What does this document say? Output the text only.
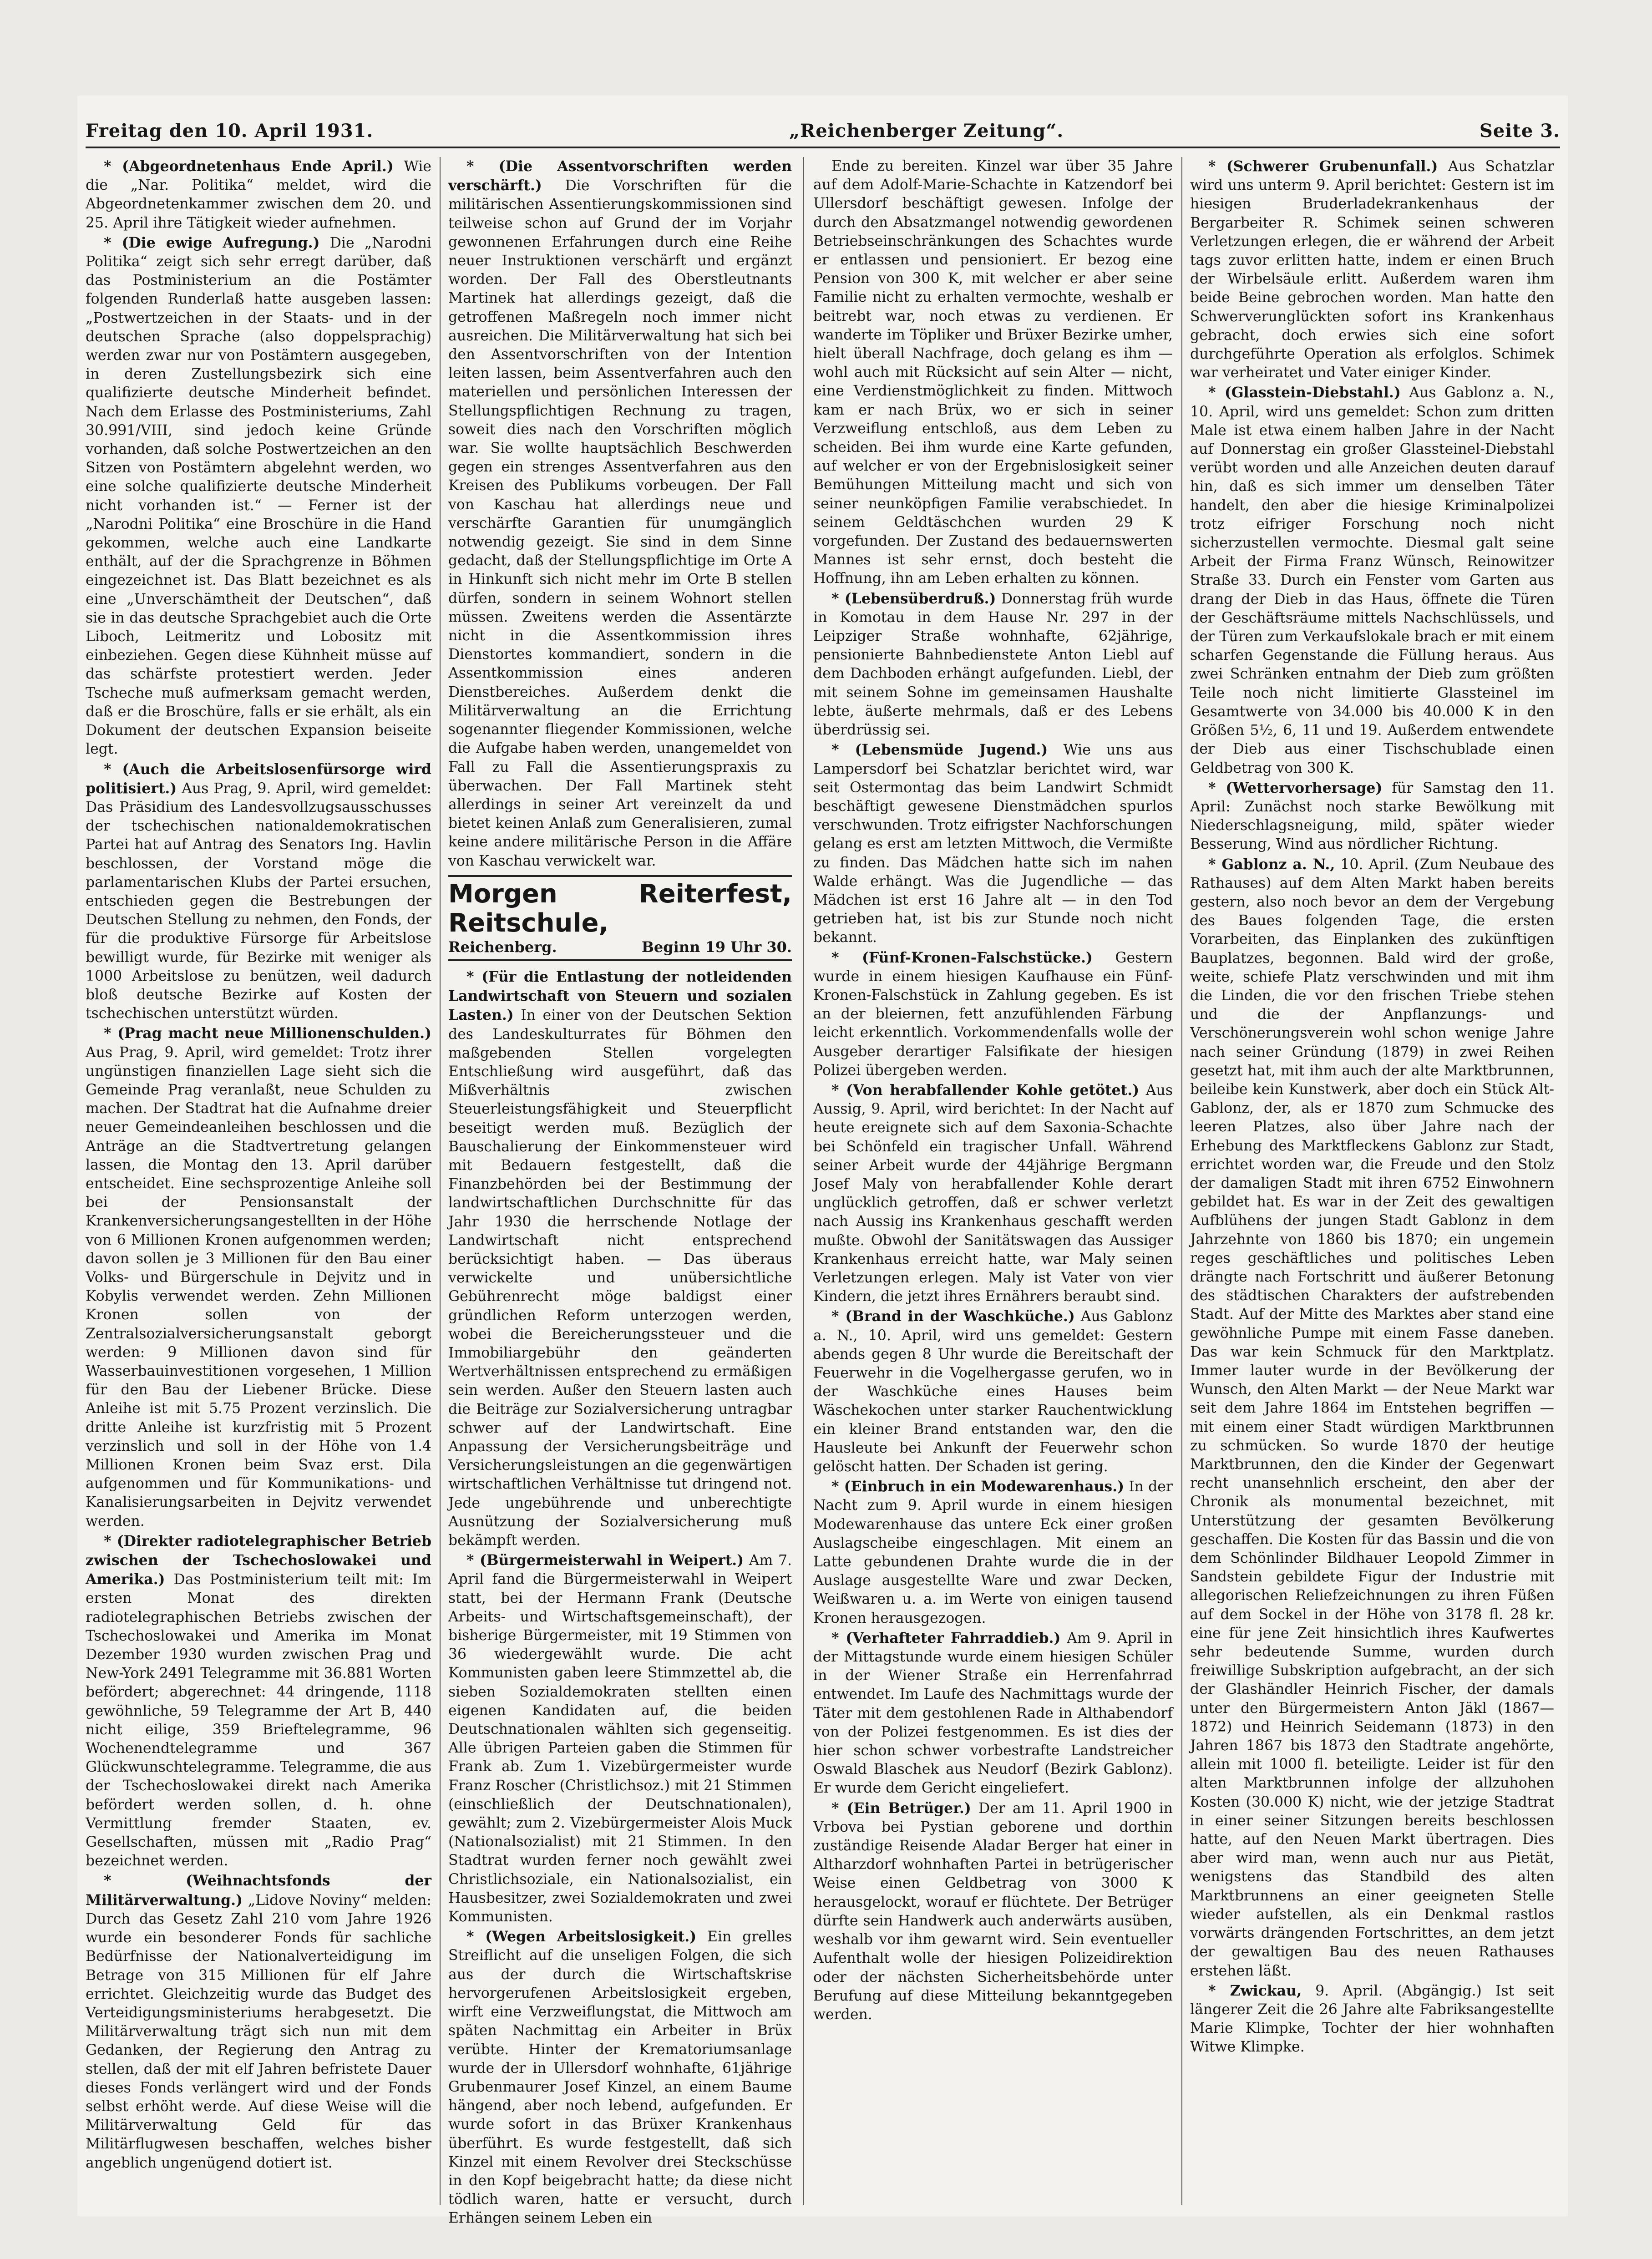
Freitag den 10. April 1931.	„Reichenberger Zeitung“.	Seite 3.

* (Abgeordnetenhaus Ende April.) Wie die „Nar. Politika“ meldet, wird die Abgeordnetenkammer zwischen dem 20. und 25. April ihre Tätigkeit wieder aufnehmen.

* (Die ewige Aufregung.) Die „Narodni Politika“ zeigt sich sehr erregt darüber, daß das Postministerium an die Postämter folgenden Runderlaß hatte ausgeben lassen: „Postwertzeichen in der Staats- und in der deutschen Sprache (also doppelsprachig) werden zwar nur von Postämtern ausgegeben, in deren Zustellungsbezirk sich eine qualifizierte deutsche Minderheit befindet. Nach dem Erlasse des Postministeriums, Zahl 30.991/VIII, sind jedoch keine Gründe vorhanden, daß solche Postwertzeichen an den Sitzen von Postämtern abgelehnt werden, wo eine solche qualifizierte deutsche Minderheit nicht vorhanden ist.“ — Ferner ist der „Narodni Politika“ eine Broschüre in die Hand gekommen, welche auch eine Landkarte enthält, auf der die Sprachgrenze in Böhmen eingezeichnet ist. Das Blatt bezeichnet es als eine „Unverschämtheit der Deutschen“, daß sie in das deutsche Sprachgebiet auch die Orte Liboch, Leitmeritz und Lobositz mit einbeziehen. Gegen diese Kühnheit müsse auf das schärfste protestiert werden. Jeder Tscheche muß aufmerksam gemacht werden, daß er die Broschüre, falls er sie erhält, als ein Dokument der deutschen Expansion beiseite legt.

* (Auch die Arbeitslosenfürsorge wird politisiert.) Aus Prag, 9. April, wird gemeldet: Das Präsidium des Landesvollzugsausschusses der tschechischen nationaldemokratischen Partei hat auf Antrag des Senators Ing. Havlin beschlossen, der Vorstand möge die parlamentarischen Klubs der Partei ersuchen, entschieden gegen die Bestrebungen der Deutschen Stellung zu nehmen, den Fonds, der für die produktive Fürsorge für Arbeitslose bewilligt wurde, für Bezirke mit weniger als 1000 Arbeitslose zu benützen, weil dadurch bloß deutsche Bezirke auf Kosten der tschechischen unterstützt würden.

* (Prag macht neue Millionenschulden.) Aus Prag, 9. April, wird gemeldet: Trotz ihrer ungünstigen finanziellen Lage sieht sich die Gemeinde Prag veranlaßt, neue Schulden zu machen. Der Stadtrat hat die Aufnahme dreier neuer Gemeindeanleihen beschlossen und die Anträge an die Stadtvertretung gelangen lassen, die Montag den 13. April darüber entscheidet. Eine sechsprozentige Anleihe soll bei der Pensionsanstalt der Krankenversicherungsangestellten in der Höhe von 6 Millionen Kronen aufgenommen werden; davon sollen je 3 Millionen für den Bau einer Volks- und Bürgerschule in Dejvitz und in Kobylis verwendet werden. Zehn Millionen Kronen sollen von der Zentralsozialversicherungsanstalt geborgt werden: 9 Millionen davon sind für Wasserbauinvestitionen vorgesehen, 1 Million für den Bau der Liebener Brücke. Diese Anleihe ist mit 5.75 Prozent verzinslich. Die dritte Anleihe ist kurzfristig mit 5 Prozent verzinslich und soll in der Höhe von 1.4 Millionen Kronen beim Svaz erst. Dila aufgenommen und für Kommunikations- und Kanalisierungsarbeiten in Dejvitz verwendet werden.

* (Direkter radiotelegraphischer Betrieb zwischen der Tschechoslowakei und Amerika.) Das Postministerium teilt mit: Im ersten Monat des direkten radiotelegraphischen Betriebs zwischen der Tschechoslowakei und Amerika im Monat Dezember 1930 wurden zwischen Prag und New-York 2491 Telegramme mit 36.881 Worten befördert; abgerechnet: 44 dringende, 1118 gewöhnliche, 59 Telegramme der Art B, 440 nicht eilige, 359 Brieftelegramme, 96 Wochenendtelegramme und 367 Glückwunschtelegramme. Telegramme, die aus der Tschechoslowakei direkt nach Amerika befördert werden sollen, d. h. ohne Vermittlung fremder Staaten, ev. Gesellschaften, müssen mit „Radio Prag“ bezeichnet werden.

* (Weihnachtsfonds der Militärverwaltung.) „Lidove Noviny“ melden: Durch das Gesetz Zahl 210 vom Jahre 1926 wurde ein besonderer Fonds für sachliche Bedürfnisse der Nationalverteidigung im Betrage von 315 Millionen für elf Jahre errichtet. Gleichzeitig wurde das Budget des Verteidigungsministeriums herabgesetzt. Die Militärverwaltung trägt sich nun mit dem Gedanken, der Regierung den Antrag zu stellen, daß der mit elf Jahren befristete Dauer dieses Fonds verlängert wird und der Fonds selbst erhöht werde. Auf diese Weise will die Militärverwaltung Geld für das Militärflugwesen beschaffen, welches bisher angeblich ungenügend dotiert ist.

* (Die Assentvorschriften werden verschärft.) Die Vorschriften für die militärischen Assentierungskommissionen sind teilweise schon auf Grund der im Vorjahr gewonnenen Erfahrungen durch eine Reihe neuer Instruktionen verschärft und ergänzt worden. Der Fall des Oberstleutnants Martinek hat allerdings gezeigt, daß die getroffenen Maßregeln noch immer nicht ausreichen. Die Militärverwaltung hat sich bei den Assentvorschriften von der Intention leiten lassen, beim Assentverfahren auch den materiellen und persönlichen Interessen der Stellungspflichtigen Rechnung zu tragen, soweit dies nach den Vorschriften möglich war. Sie wollte hauptsächlich Beschwerden gegen ein strenges Assentverfahren aus den Kreisen des Publikums vorbeugen. Der Fall von Kaschau hat allerdings neue und verschärfte Garantien für unumgänglich notwendig gezeigt. Sie sind in dem Sinne gedacht, daß der Stellungspflichtige im Orte A in Hinkunft sich nicht mehr im Orte B stellen dürfen, sondern in seinem Wohnort stellen müssen. Zweitens werden die Assentärzte nicht in die Assentkommission ihres Dienstortes kommandiert, sondern in die Assentkommission eines anderen Dienstbereiches. Außerdem denkt die Militärverwaltung an die Errichtung sogenannter fliegender Kommissionen, welche die Aufgabe haben werden, unangemeldet von Fall zu Fall die Assentierungspraxis zu überwachen. Der Fall Martinek steht allerdings in seiner Art vereinzelt da und bietet keinen Anlaß zum Generalisieren, zumal keine andere militärische Person in die Affäre von Kaschau verwickelt war.

Morgen Reiterfest, Reitschule,
Reichenberg.	Beginn 19 Uhr 30.

* (Für die Entlastung der notleidenden Landwirtschaft von Steuern und sozialen Lasten.) In einer von der Deutschen Sektion des Landeskulturrates für Böhmen den maßgebenden Stellen vorgelegten Entschließung wird ausgeführt, daß das Mißverhältnis zwischen Steuerleistungsfähigkeit und Steuerpflicht beseitigt werden muß. Bezüglich der Bauschalierung der Einkommensteuer wird mit Bedauern festgestellt, daß die Finanzbehörden bei der Bestimmung der landwirtschaftlichen Durchschnitte für das Jahr 1930 die herrschende Notlage der Landwirtschaft nicht entsprechend berücksichtigt haben. — Das überaus verwickelte und unübersichtliche Gebührenrecht möge baldigst einer gründlichen Reform unterzogen werden, wobei die Bereicherungssteuer und die Immobiliargebühr den geänderten Wertverhältnissen entsprechend zu ermäßigen sein werden. Außer den Steuern lasten auch die Beiträge zur Sozialversicherung untragbar schwer auf der Landwirtschaft. Eine Anpassung der Versicherungsbeiträge und Versicherungsleistungen an die gegenwärtigen wirtschaftlichen Verhältnisse tut dringend not. Jede ungebührende und unberechtigte Ausnützung der Sozialversicherung muß bekämpft werden.

* (Bürgermeisterwahl in Weipert.) Am 7. April fand die Bürgermeisterwahl in Weipert statt, bei der Hermann Frank (Deutsche Arbeits- und Wirtschaftsgemeinschaft), der bisherige Bürgermeister, mit 19 Stimmen von 36 wiedergewählt wurde. Die acht Kommunisten gaben leere Stimmzettel ab, die sieben Sozialdemokraten stellten einen eigenen Kandidaten auf, die beiden Deutschnationalen wählten sich gegenseitig. Alle übrigen Parteien gaben die Stimmen für Frank ab. Zum 1. Vizebürgermeister wurde Franz Roscher (Christlichsoz.) mit 21 Stimmen (einschließlich der Deutschnationalen), gewählt; zum 2. Vizebürgermeister Alois Muck (Nationalsozialist) mit 21 Stimmen. In den Stadtrat wurden ferner noch gewählt zwei Christlichsoziale, ein Nationalsozialist, ein Hausbesitzer, zwei Sozialdemokraten und zwei Kommunisten.

* (Wegen Arbeitslosigkeit.) Ein grelles Streiflicht auf die unseligen Folgen, die sich aus der durch die Wirtschaftskrise hervorgerufenen Arbeitslosigkeit ergeben, wirft eine Verzweiflungstat, die Mittwoch am späten Nachmittag ein Arbeiter in Brüx verübte. Hinter der Krematoriumsanlage wurde der in Ullersdorf wohnhafte, 61jährige Grubenmaurer Josef Kinzel, an einem Baume hängend, aber noch lebend, aufgefunden. Er wurde sofort in das Brüxer Krankenhaus überführt. Es wurde festgestellt, daß sich Kinzel mit einem Revolver drei Steckschüsse in den Kopf beigebracht hatte; da diese nicht tödlich waren, hatte er versucht, durch Erhängen seinem Leben ein

Ende zu bereiten. Kinzel war über 35 Jahre auf dem Adolf-Marie-Schachte in Katzendorf bei Ullersdorf beschäftigt gewesen. Infolge der durch den Absatzmangel notwendig gewordenen Betriebseinschränkungen des Schachtes wurde er entlassen und pensioniert. Er bezog eine Pension von 300 K, mit welcher er aber seine Familie nicht zu erhalten vermochte, weshalb er beitrebt war, noch etwas zu verdienen. Er wanderte im Töpliker und Brüxer Bezirke umher, hielt überall Nachfrage, doch gelang es ihm — wohl auch mit Rücksicht auf sein Alter — nicht, eine Verdienstmöglichkeit zu finden. Mittwoch kam er nach Brüx, wo er sich in seiner Verzweiflung entschloß, aus dem Leben zu scheiden. Bei ihm wurde eine Karte gefunden, auf welcher er von der Ergebnislosigkeit seiner Bemühungen Mitteilung macht und sich von seiner neunköpfigen Familie verabschiedet. In seinem Geldtäschchen wurden 29 K vorgefunden. Der Zustand des bedauernswerten Mannes ist sehr ernst, doch besteht die Hoffnung, ihn am Leben erhalten zu können.

* (Lebensüberdruß.) Donnerstag früh wurde in Komotau in dem Hause Nr. 297 in der Leipziger Straße wohnhafte, 62jährige, pensionierte Bahnbedienstete Anton Liebl auf dem Dachboden erhängt aufgefunden. Liebl, der mit seinem Sohne im gemeinsamen Haushalte lebte, äußerte mehrmals, daß er des Lebens überdrüssig sei.

* (Lebensmüde Jugend.) Wie uns aus Lampersdorf bei Schatzlar berichtet wird, war seit Ostermontag das beim Landwirt Schmidt beschäftigt gewesene Dienstmädchen spurlos verschwunden. Trotz eifrigster Nachforschungen gelang es erst am letzten Mittwoch, die Vermißte zu finden. Das Mädchen hatte sich im nahen Walde erhängt. Was die Jugendliche — das Mädchen ist erst 16 Jahre alt — in den Tod getrieben hat, ist bis zur Stunde noch nicht bekannt.

* (Fünf-Kronen-Falschstücke.) Gestern wurde in einem hiesigen Kaufhause ein Fünf-Kronen-Falschstück in Zahlung gegeben. Es ist an der bleiernen, fett anzufühlenden Färbung leicht erkenntlich. Vorkommendenfalls wolle der Ausgeber derartiger Falsifikate der hiesigen Polizei übergeben werden.

* (Von herabfallender Kohle getötet.) Aus Aussig, 9. April, wird berichtet: In der Nacht auf heute ereignete sich auf dem Saxonia-Schachte bei Schönfeld ein tragischer Unfall. Während seiner Arbeit wurde der 44jährige Bergmann Josef Maly von herabfallender Kohle derart unglücklich getroffen, daß er schwer verletzt nach Aussig ins Krankenhaus geschafft werden mußte. Obwohl der Sanitätswagen das Aussiger Krankenhaus erreicht hatte, war Maly seinen Verletzungen erlegen. Maly ist Vater von vier Kindern, die jetzt ihres Ernährers beraubt sind.

* (Brand in der Waschküche.) Aus Gablonz a. N., 10. April, wird uns gemeldet: Gestern abends gegen 8 Uhr wurde die Bereitschaft der Feuerwehr in die Vogelhergasse gerufen, wo in der Waschküche eines Hauses beim Wäschekochen unter starker Rauchentwicklung ein kleiner Brand entstanden war, den die Hausleute bei Ankunft der Feuerwehr schon gelöscht hatten. Der Schaden ist gering.

* (Einbruch in ein Modewarenhaus.) In der Nacht zum 9. April wurde in einem hiesigen Modewarenhause das untere Eck einer großen Auslagscheibe eingeschlagen. Mit einem an Latte gebundenen Drahte wurde die in der Auslage ausgestellte Ware und zwar Decken, Weißwaren u. a. im Werte von einigen tausend Kronen herausgezogen.

* (Verhafteter Fahrraddieb.) Am 9. April in der Mittagstunde wurde einem hiesigen Schüler in der Wiener Straße ein Herrenfahrrad entwendet. Im Laufe des Nachmittags wurde der Täter mit dem gestohlenen Rade in Althabendorf von der Polizei festgenommen. Es ist dies der hier schon schwer vorbestrafte Landstreicher Oswald Blaschek aus Neudorf (Bezirk Gablonz). Er wurde dem Gericht eingeliefert.

* (Ein Betrüger.) Der am 11. April 1900 in Vrbova bei Pystian geborene und dorthin zuständige Reisende Aladar Berger hat einer in Altharzdorf wohnhaften Partei in betrügerischer Weise einen Geldbetrag von 3000 K herausgelockt, worauf er flüchtete. Der Betrüger dürfte sein Handwerk auch anderwärts ausüben, weshalb vor ihm gewarnt wird. Sein eventueller Aufenthalt wolle der hiesigen Polizeidirektion oder der nächsten Sicherheitsbehörde unter Berufung auf diese Mitteilung bekanntgegeben werden.

* (Schwerer Grubenunfall.) Aus Schatzlar wird uns unterm 9. April berichtet: Gestern ist im hiesigen Bruderladekrankenhaus der Bergarbeiter R. Schimek seinen schweren Verletzungen erlegen, die er während der Arbeit tags zuvor erlitten hatte, indem er einen Bruch der Wirbelsäule erlitt. Außerdem waren ihm beide Beine gebrochen worden. Man hatte den Schwerverunglückten sofort ins Krankenhaus gebracht, doch erwies sich eine sofort durchgeführte Operation als erfolglos. Schimek war verheiratet und Vater einiger Kinder.

* (Glasstein-Diebstahl.) Aus Gablonz a. N., 10. April, wird uns gemeldet: Schon zum dritten Male ist etwa einem halben Jahre in der Nacht auf Donnerstag ein großer Glassteinel-Diebstahl verübt worden und alle Anzeichen deuten darauf hin, daß es sich immer um denselben Täter handelt, den aber die hiesige Kriminalpolizei trotz eifriger Forschung noch nicht sicherzustellen vermochte. Diesmal galt seine Arbeit der Firma Franz Wünsch, Reinowitzer Straße 33. Durch ein Fenster vom Garten aus drang der Dieb in das Haus, öffnete die Türen der Geschäftsräume mittels Nachschlüssels, und der Türen zum Verkaufslokale brach er mit einem scharfen Gegenstande die Füllung heraus. Aus zwei Schränken entnahm der Dieb zum größten Teile noch nicht limitierte Glassteinel im Gesamtwerte von 34.000 bis 40.000 K in den Größen 5½, 6, 11 und 19. Außerdem entwendete der Dieb aus einer Tischschublade einen Geldbetrag von 300 K.

* (Wettervorhersage) für Samstag den 11. April: Zunächst noch starke Bewölkung mit Niederschlagsneigung, mild, später wieder Besserung, Wind aus nördlicher Richtung.

* Gablonz a. N., 10. April. (Zum Neubaue des Rathauses) auf dem Alten Markt haben bereits gestern, also noch bevor an dem der Vergebung des Baues folgenden Tage, die ersten Vorarbeiten, das Einplanken des zukünftigen Bauplatzes, begonnen. Bald wird der große, weite, schiefe Platz verschwinden und mit ihm die Linden, die vor den frischen Triebe stehen und die der Anpflanzungs- und Verschönerungsverein wohl schon wenige Jahre nach seiner Gründung (1879) in zwei Reihen gesetzt hat, mit ihm auch der alte Marktbrunnen, beileibe kein Kunstwerk, aber doch ein Stück Alt-Gablonz, der, als er 1870 zum Schmucke des leeren Platzes, also über Jahre nach der Erhebung des Marktfleckens Gablonz zur Stadt, errichtet worden war, die Freude und den Stolz der damaligen Stadt mit ihren 6752 Einwohnern gebildet hat. Es war in der Zeit des gewaltigen Aufblühens der jungen Stadt Gablonz in dem Jahrzehnte von 1860 bis 1870; ein ungemein reges geschäftliches und politisches Leben drängte nach Fortschritt und äußerer Betonung des städtischen Charakters der aufstrebenden Stadt. Auf der Mitte des Marktes aber stand eine gewöhnliche Pumpe mit einem Fasse daneben. Das war kein Schmuck für den Marktplatz. Immer lauter wurde in der Bevölkerung der Wunsch, den Alten Markt — der Neue Markt war seit dem Jahre 1864 im Entstehen begriffen — mit einem einer Stadt würdigen Marktbrunnen zu schmücken. So wurde 1870 der heutige Marktbrunnen, den die Kinder der Gegenwart recht unansehnlich erscheint, den aber der Chronik als monumental bezeichnet, mit Unterstützung der gesamten Bevölkerung geschaffen. Die Kosten für das Bassin und die von dem Schönlinder Bildhauer Leopold Zimmer in Sandstein gebildete Figur der Industrie mit allegorischen Reliefzeichnungen zu ihren Füßen auf dem Sockel in der Höhe von 3178 fl. 28 kr. eine für jene Zeit hinsichtlich ihres Kaufwertes sehr bedeutende Summe, wurden durch freiwillige Subskription aufgebracht, an der sich der Glashändler Heinrich Fischer, der damals unter den Bürgermeistern Anton Jäkl (1867—1872) und Heinrich Seidemann (1873) in den Jahren 1867 bis 1873 den Stadtrate angehörte, allein mit 1000 fl. beteiligte. Leider ist für den alten Marktbrunnen infolge der allzuhohen Kosten (30.000 K) nicht, wie der jetzige Stadtrat in einer seiner Sitzungen bereits beschlossen hatte, auf den Neuen Markt übertragen. Dies aber wird man, wenn auch nur aus Pietät, wenigstens das Standbild des alten Marktbrunnens an einer geeigneten Stelle wieder aufstellen, als ein Denkmal rastlos vorwärts drängenden Fortschrittes, an dem jetzt der gewaltigen Bau des neuen Rathauses erstehen läßt.

* Zwickau, 9. April. (Abgängig.) Ist seit längerer Zeit die 26 Jahre alte Fabriksangestellte Marie Klimpke, Tochter der hier wohnhaften Witwe Klimpke.
